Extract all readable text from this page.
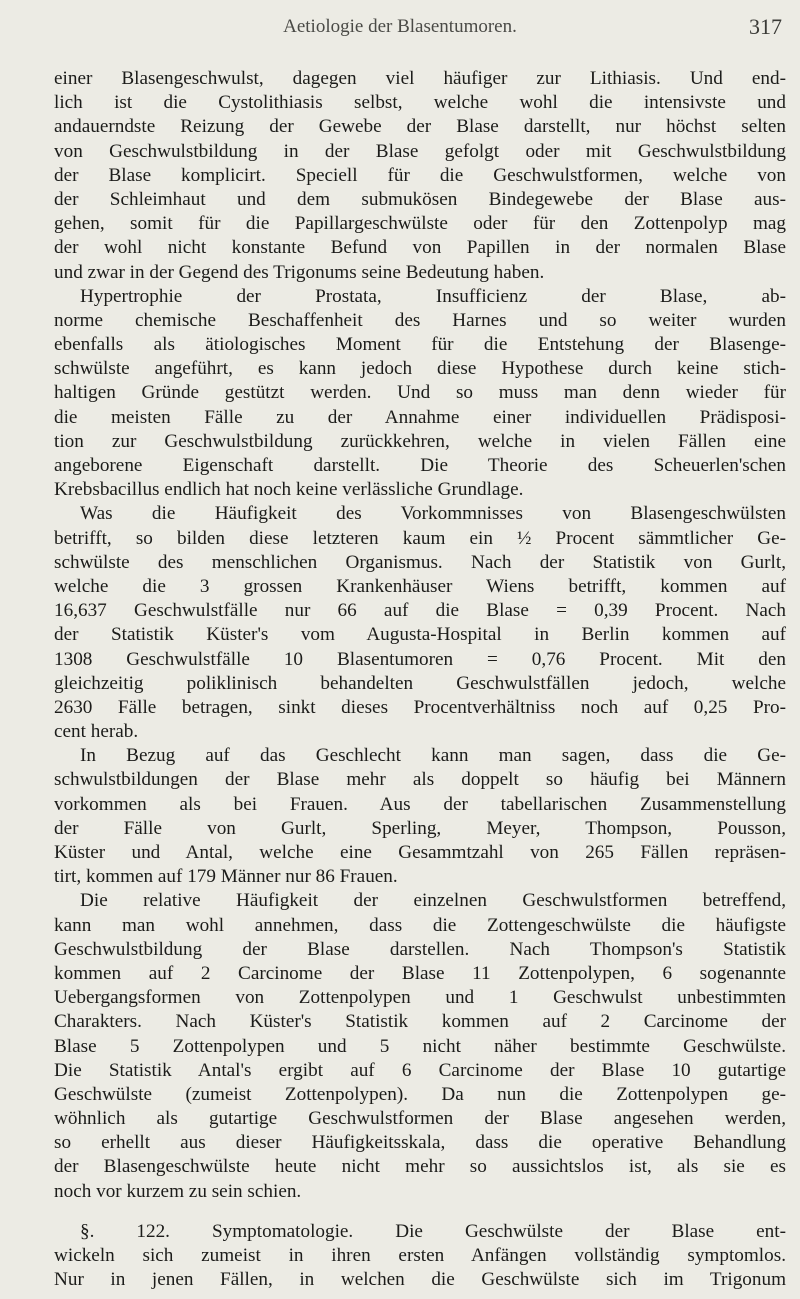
Aetiologie der Blasentumoren.	317
einer Blasengeschwulst, dagegen viel häufiger zur Lithiasis. Und end-
lich ist die Cystolithiasis selbst, welche wohl die intensivste und
andauerndste Reizung der Gewebe der Blase darstellt, nur höchst selten
von Geschwulstbildung in der Blase gefolgt oder mit Geschwulstbildung
der Blase komplicirt. Speciell für die Geschwulstformen, welche von
der Schleimhaut und dem submukösen Bindegewebe der Blase aus-
gehen, somit für die Papillargeschwülste oder für den Zottenpolyp mag
der wohl nicht konstante Befund von Papillen in der normalen Blase
und zwar in der Gegend des Trigonums seine Bedeutung haben.
Hypertrophie der Prostata, Insufficienz der Blase, ab-
norme chemische Beschaffenheit des Harnes und so weiter wurden
ebenfalls als ätiologisches Moment für die Entstehung der Blasenge-
schwülste angeführt, es kann jedoch diese Hypothese durch keine stich-
haltigen Gründe gestützt werden. Und so muss man denn wieder für
die meisten Fälle zu der Annahme einer individuellen Prädisposi-
tion zur Geschwulstbildung zurückkehren, welche in vielen Fällen eine
angeborene Eigenschaft darstellt. Die Theorie des Scheuerlen'schen
Krebsbacillus endlich hat noch keine verlässliche Grundlage.
Was die Häufigkeit des Vorkommnisses von Blasengeschwülsten
betrifft, so bilden diese letzteren kaum ein ½ Procent sämmtlicher Ge-
schwülste des menschlichen Organismus. Nach der Statistik von Gurlt,
welche die 3 grossen Krankenhäuser Wiens betrifft, kommen auf
16,637 Geschwulstfälle nur 66 auf die Blase = 0,39 Procent. Nach
der Statistik Küster's vom Augusta-Hospital in Berlin kommen auf
1308 Geschwulstfälle 10 Blasentumoren = 0,76 Procent. Mit den
gleichzeitig poliklinisch behandelten Geschwulstfällen jedoch, welche
2630 Fälle betragen, sinkt dieses Procentverhältniss noch auf 0,25 Pro-
cent herab.
In Bezug auf das Geschlecht kann man sagen, dass die Ge-
schwulstbildungen der Blase mehr als doppelt so häufig bei Männern
vorkommen als bei Frauen. Aus der tabellarischen Zusammenstellung
der Fälle von Gurlt, Sperling, Meyer, Thompson, Pousson,
Küster und Antal, welche eine Gesammtzahl von 265 Fällen repräsen-
tirt, kommen auf 179 Männer nur 86 Frauen.
Die relative Häufigkeit der einzelnen Geschwulstformen betreffend,
kann man wohl annehmen, dass die Zottengeschwülste die häufigste
Geschwulstbildung der Blase darstellen. Nach Thompson's Statistik
kommen auf 2 Carcinome der Blase 11 Zottenpolypen, 6 sogenannte
Uebergangsformen von Zottenpolypen und 1 Geschwulst unbestimmten
Charakters. Nach Küster's Statistik kommen auf 2 Carcinome der
Blase 5 Zottenpolypen und 5 nicht näher bestimmte Geschwülste.
Die Statistik Antal's ergibt auf 6 Carcinome der Blase 10 gutartige
Geschwülste (zumeist Zottenpolypen). Da nun die Zottenpolypen ge-
wöhnlich als gutartige Geschwulstformen der Blase angesehen werden,
so erhellt aus dieser Häufigkeitsskala, dass die operative Behandlung
der Blasengeschwülste heute nicht mehr so aussichtslos ist, als sie es
noch vor kurzem zu sein schien.
§. 122. Symptomatologie. Die Geschwülste der Blase ent-
wickeln sich zumeist in ihren ersten Anfängen vollständig symptomlos.
Nur in jenen Fällen, in welchen die Geschwülste sich im Trigonum
